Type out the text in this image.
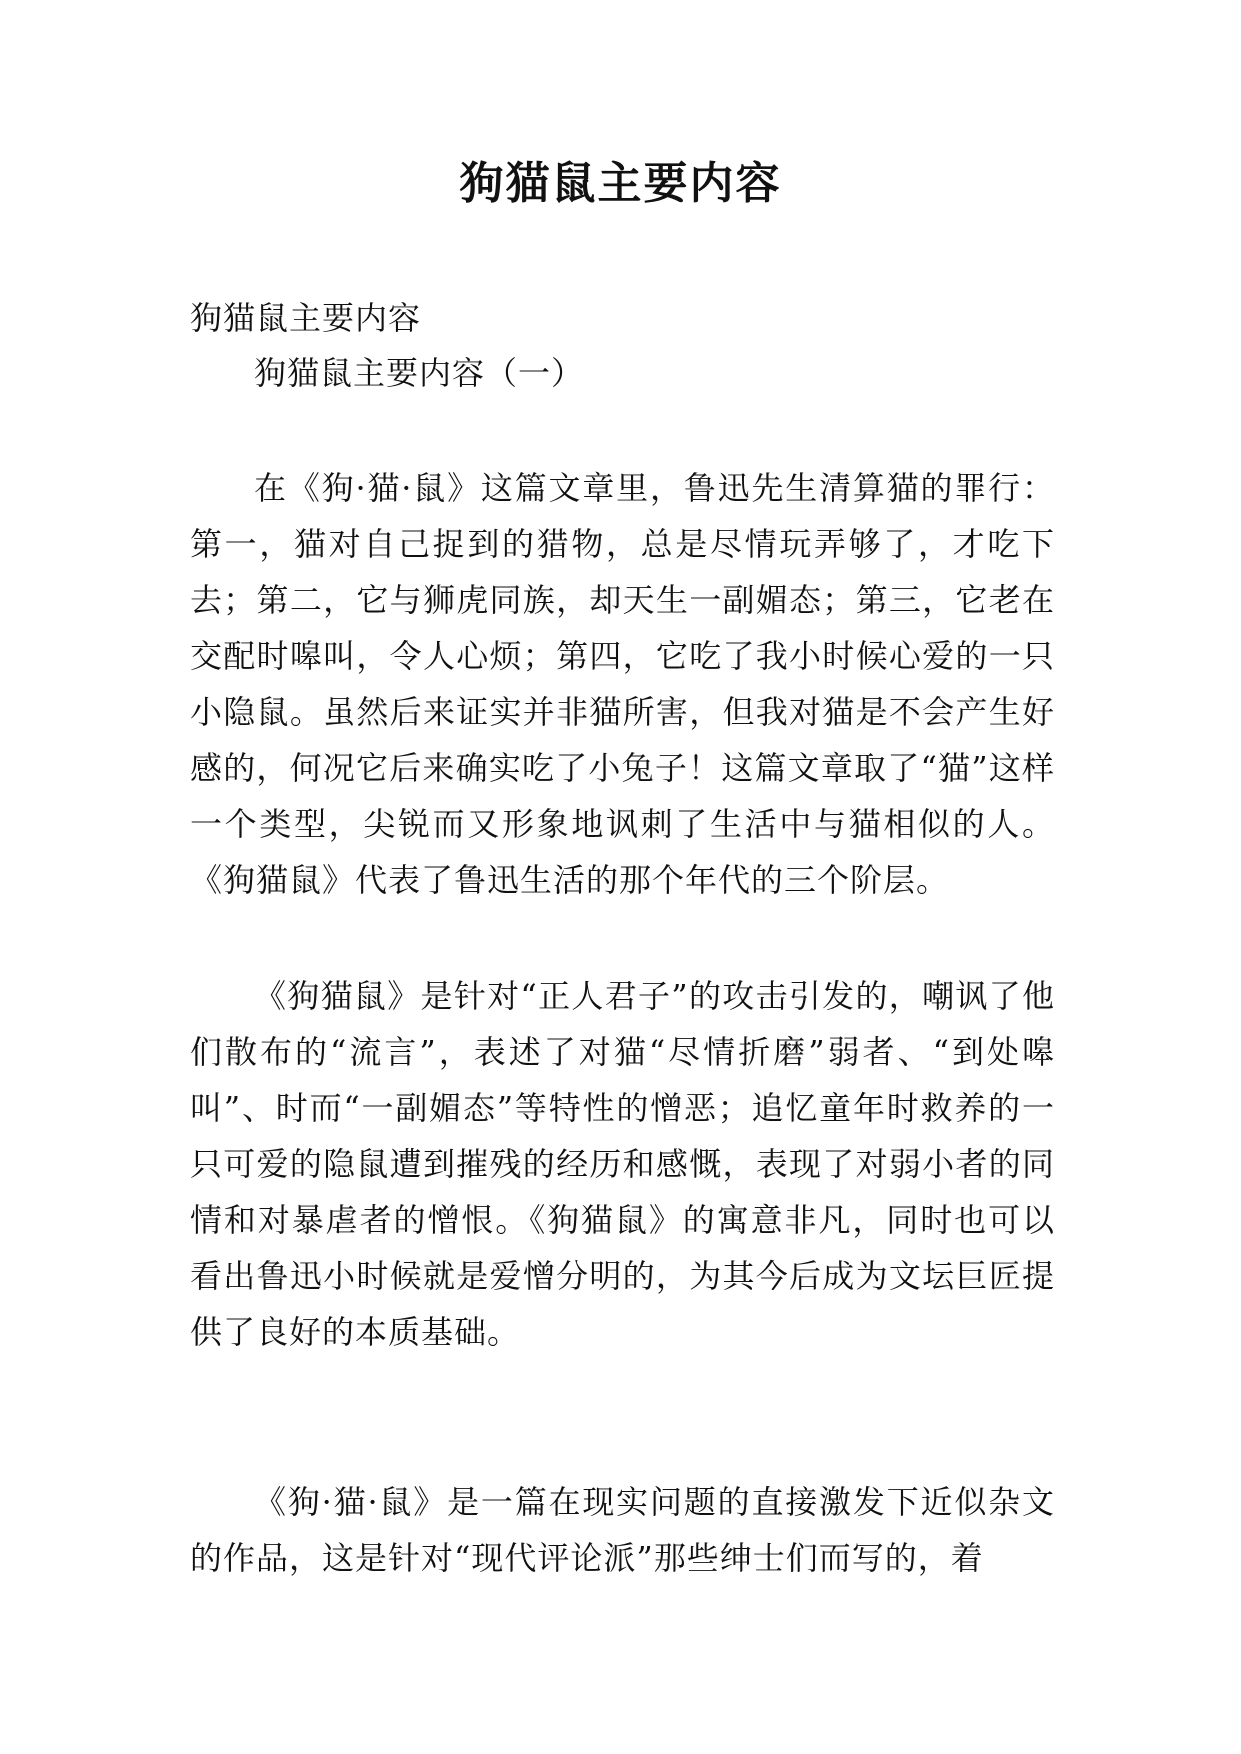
狗猫鼠主要内容

狗猫鼠主要内容

狗猫鼠主要内容（一）

在《狗·猫·鼠》这篇文章里，鲁迅先生清算猫的罪行：第一，猫对自己捉到的猎物，总是尽情玩弄够了，才吃下去；第二，它与狮虎同族，却天生一副媚态；第三，它老在交配时嗥叫，令人心烦；第四，它吃了我小时候心爱的一只小隐鼠。虽然后来证实并非猫所害，但我对猫是不会产生好感的，何况它后来确实吃了小兔子！这篇文章取了“猫”这样一个类型，尖锐而又形象地讽刺了生活中与猫相似的人。《狗猫鼠》代表了鲁迅生活的那个年代的三个阶层。

《狗猫鼠》是针对“正人君子”的攻击引发的，嘲讽了他们散布的“流言”，表述了对猫“尽情折磨”弱者、“到处嗥叫”、时而“一副媚态”等特性的憎恶；追忆童年时救养的一只可爱的隐鼠遭到摧残的经历和感慨，表现了对弱小者的同情和对暴虐者的憎恨。《狗猫鼠》的寓意非凡，同时也可以看出鲁迅小时候就是爱憎分明的，为其今后成为文坛巨匠提供了良好的本质基础。

《狗·猫·鼠》是一篇在现实问题的直接激发下近似杂文的作品，这是针对“现代评论派”那些绅士们而写的，着
